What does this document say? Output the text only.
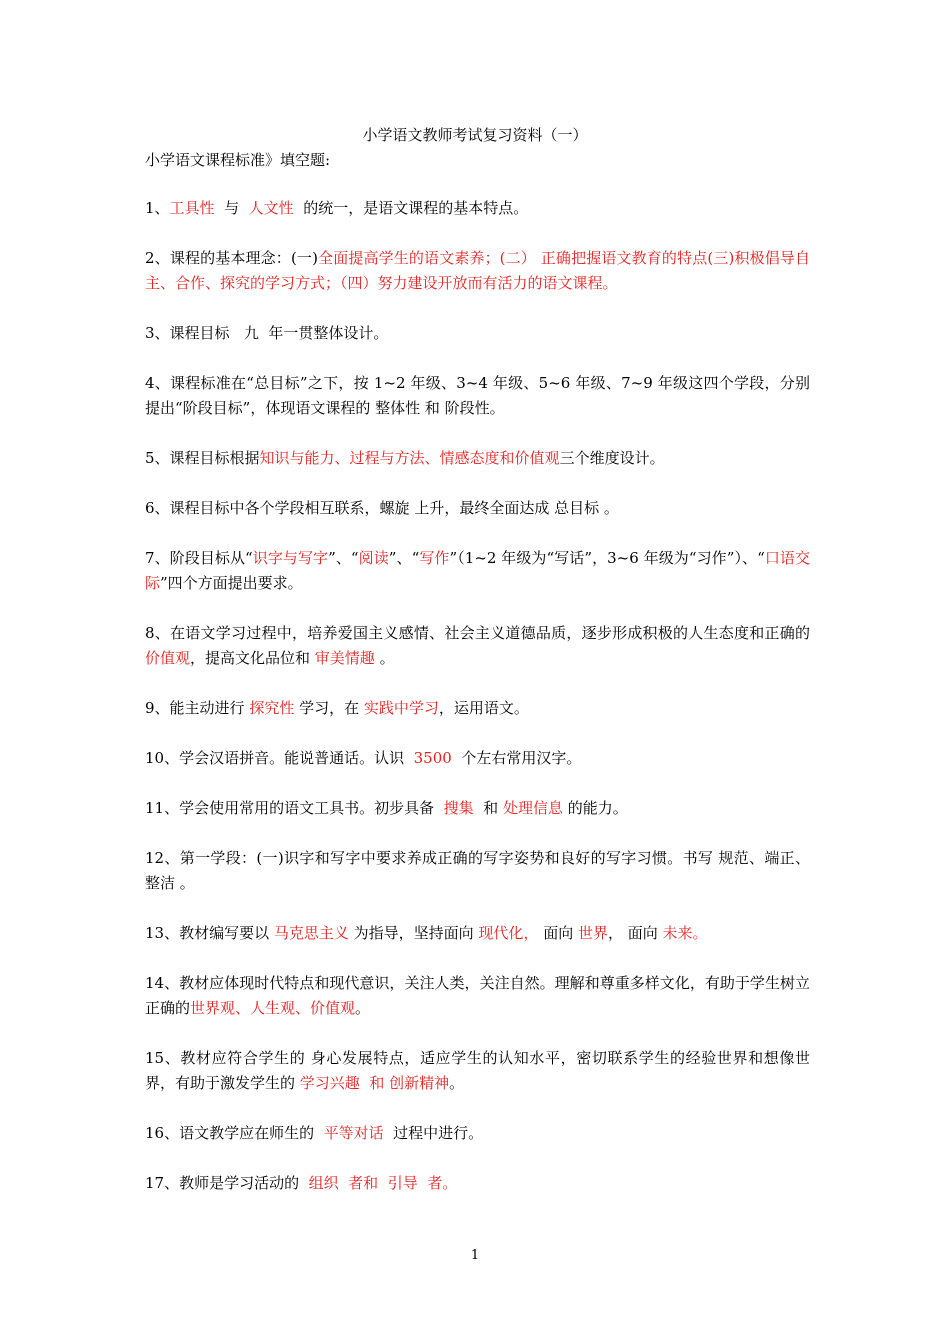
小学语文教师考试复习资料（一）
小学语文课程标准》填空题:
1、工具性  与  人文性  的统一，是语文课程的基本特点。
2、课程的基本理念：(一)全面提高学生的语文素养；(二） 正确把握语文教育的特点(三)积极倡导自主、合作、探究的学习方式；（四）努力建设开放而有活力的语文课程。
3、课程目标   九  年一贯整体设计。
4、课程标准在“总目标”之下，按 1~2 年级、3~4 年级、5~6 年级、7~9 年级这四个学段，分别提出“阶段目标”，体现语文课程的 整体性 和 阶段性。
5、课程目标根据知识与能力、过程与方法、情感态度和价值观三个维度设计。
6、课程目标中各个学段相互联系，螺旋 上升，最终全面达成 总目标 。
7、阶段目标从“识字与写字”、“阅读”、“写作”（1~2 年级为“写话”，3~6 年级为“习作”）、“口语交际”四个方面提出要求。
8、在语文学习过程中，培养爱国主义感情、社会主义道德品质，逐步形成积极的人生态度和正确的  价值观，提高文化品位和 审美情趣 。
9、能主动进行 探究性 学习，在 实践中学习，运用语文。
10、学会汉语拼音。能说普通话。认识  3500  个左右常用汉字。
11、学会使用常用的语文工具书。初步具备  搜集  和 处理信息 的能力。
12、第一学段：(一)识字和写字中要求养成正确的写字姿势和良好的写字习惯。书写 规范、端正、整洁 。
13、教材编写要以 马克思主义 为指导，坚持面向 现代化， 面向 世界， 面向 未来。
14、教材应体现时代特点和现代意识，关注人类，关注自然。理解和尊重多样文化，有助于学生树立正确的世界观、人生观、价值观。
15、教材应符合学生的 身心发展特点，适应学生的认知水平，密切联系学生的经验世界和想像世界，有助于激发学生的 学习兴趣  和 创新精神。
16、语文教学应在师生的  平等对话  过程中进行。
17、教师是学习活动的  组织  者和  引导  者。
1
